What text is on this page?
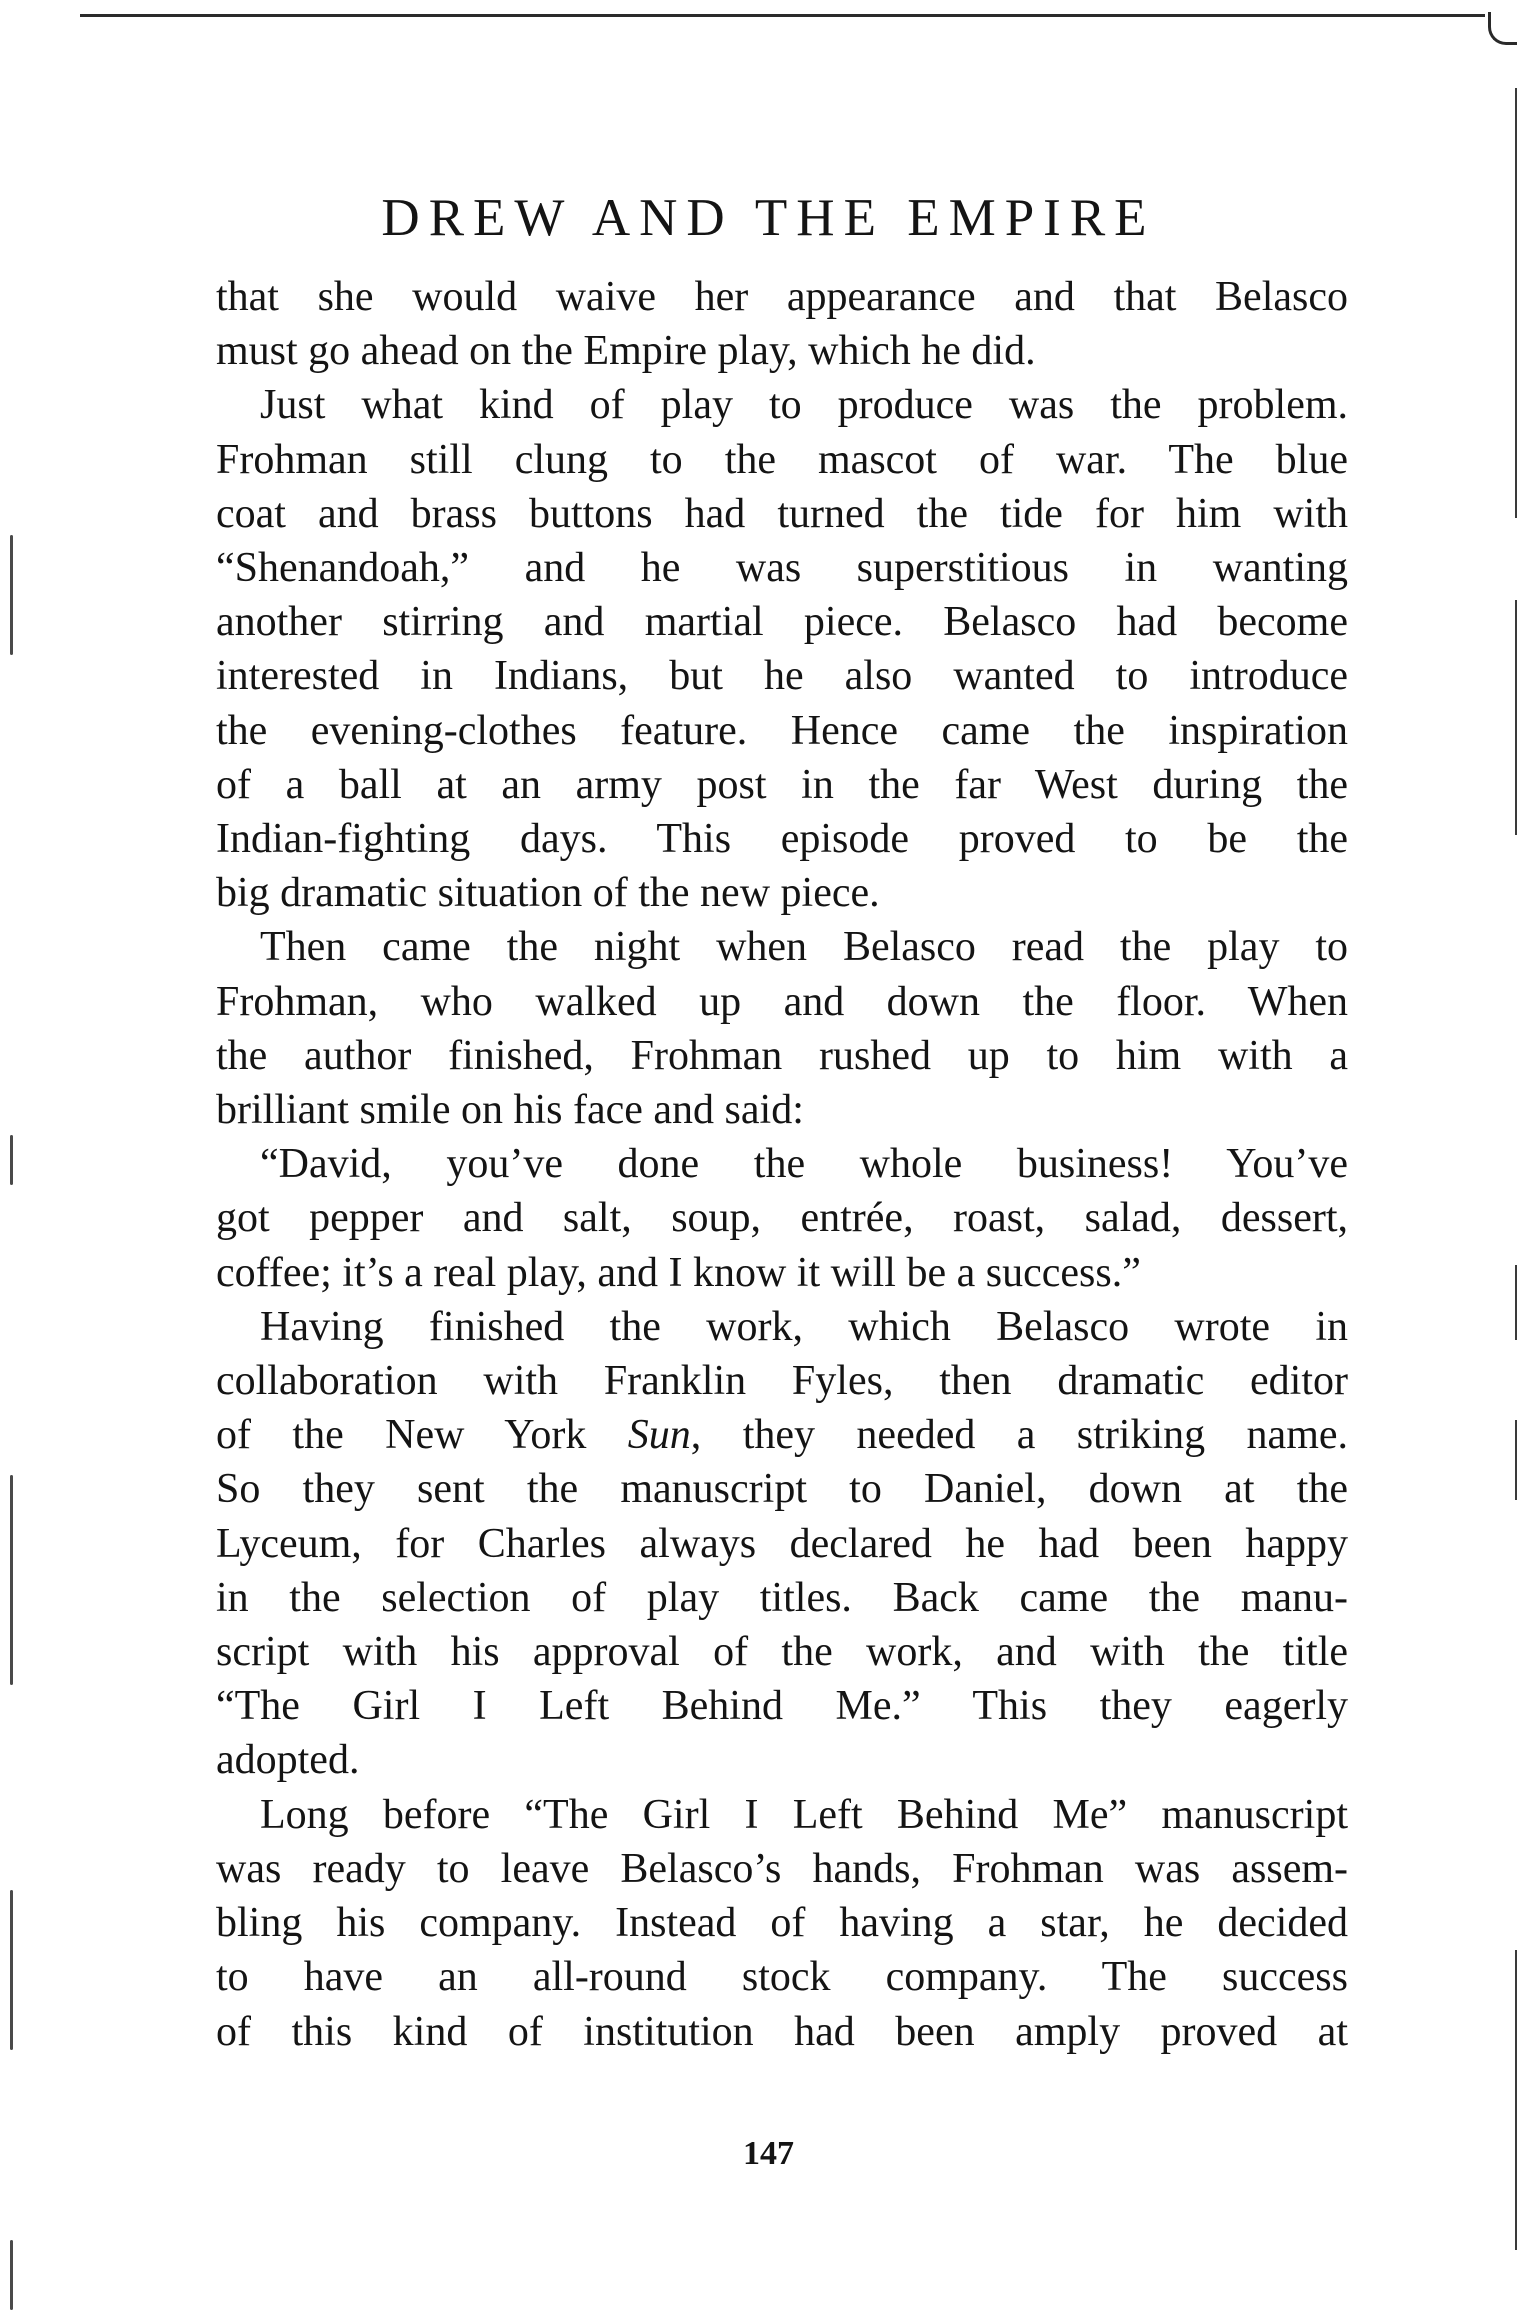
DREW AND THE EMPIRE
that she would waive her appearance and that Belasco
must go ahead on the Empire play, which he did.
Just what kind of play to produce was the problem.
Frohman still clung to the mascot of war. The blue
coat and brass buttons had turned the tide for him with
“Shenandoah,” and he was superstitious in wanting
another stirring and martial piece. Belasco had become
interested in Indians, but he also wanted to introduce
the evening-clothes feature. Hence came the inspiration
of a ball at an army post in the far West during the
Indian-fighting days. This episode proved to be the
big dramatic situation of the new piece.
Then came the night when Belasco read the play to
Frohman, who walked up and down the floor. When
the author finished, Frohman rushed up to him with a
brilliant smile on his face and said:
“David, you’ve done the whole business! You’ve
got pepper and salt, soup, entrée, roast, salad, dessert,
coffee; it’s a real play, and I know it will be a success.”
Having finished the work, which Belasco wrote in
collaboration with Franklin Fyles, then dramatic editor
of the New York Sun, they needed a striking name.
So they sent the manuscript to Daniel, down at the
Lyceum, for Charles always declared he had been happy
in the selection of play titles. Back came the manu-
script with his approval of the work, and with the title
“The Girl I Left Behind Me.” This they eagerly
adopted.
Long before “The Girl I Left Behind Me” manuscript
was ready to leave Belasco’s hands, Frohman was assem-
bling his company. Instead of having a star, he decided
to have an all-round stock company. The success
of this kind of institution had been amply proved at
147
